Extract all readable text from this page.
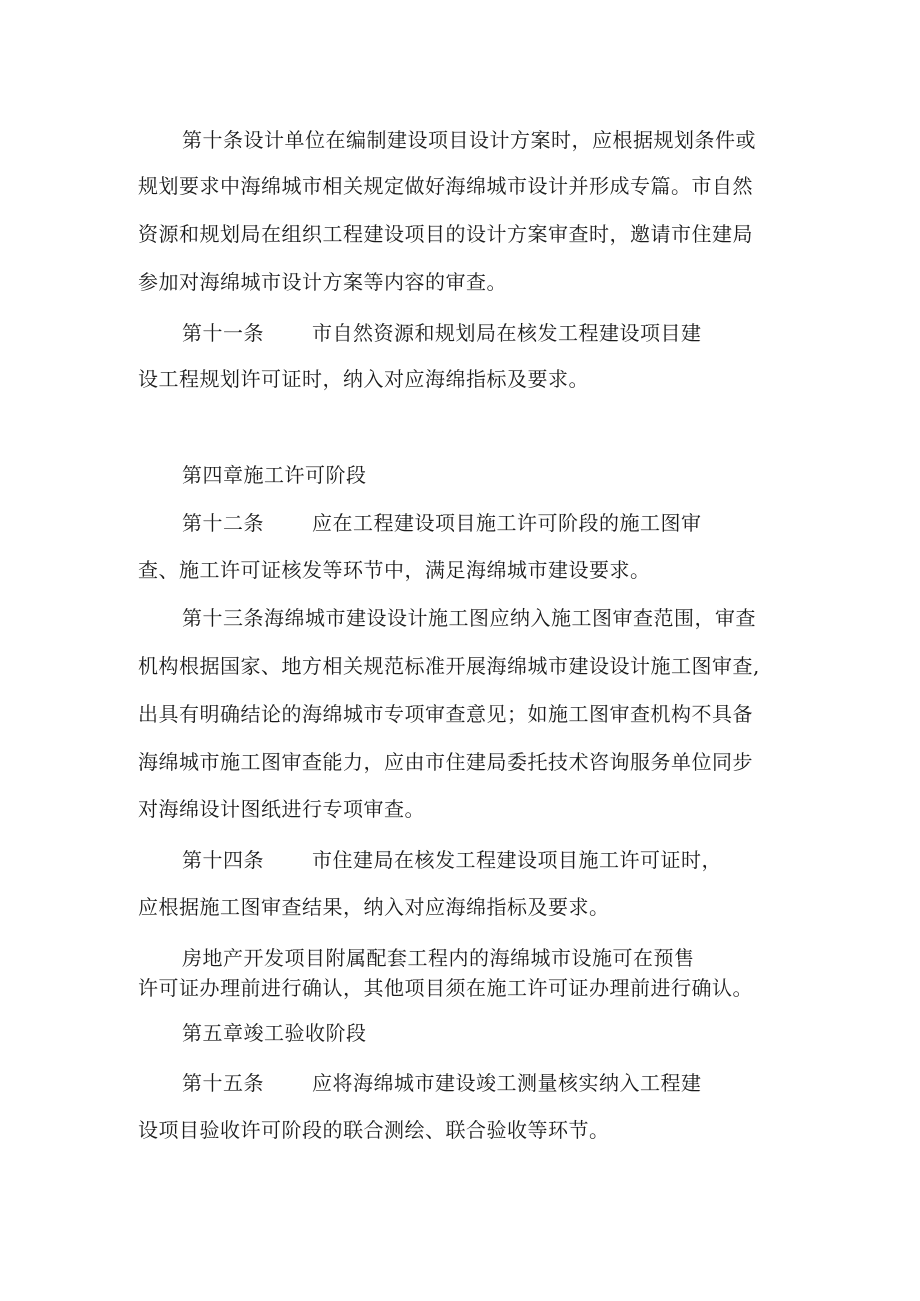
第十条设计单位在编制建设项目设计方案时，应根据规划条件或
规划要求中海绵城市相关规定做好海绵城市设计并形成专篇。市自然
资源和规划局在组织工程建设项目的设计方案审查时，邀请市住建局
参加对海绵城市设计方案等内容的审查。
第十一条 市自然资源和规划局在核发工程建设项目建
设工程规划许可证时，纳入对应海绵指标及要求。
第四章施工许可阶段
第十二条 应在工程建设项目施工许可阶段的施工图审
查、施工许可证核发等环节中，满足海绵城市建设要求。
第十三条海绵城市建设设计施工图应纳入施工图审查范围，审查
机构根据国家、地方相关规范标准开展海绵城市建设设计施工图审查,
出具有明确结论的海绵城市专项审查意见；如施工图审查机构不具备
海绵城市施工图审查能力，应由市住建局委托技术咨询服务单位同步
对海绵设计图纸进行专项审查。
第十四条 市住建局在核发工程建设项目施工许可证时，
应根据施工图审查结果，纳入对应海绵指标及要求。
房地产开发项目附属配套工程内的海绵城市设施可在预售
许可证办理前进行确认，其他项目须在施工许可证办理前进行确认。
第五章竣工验收阶段
第十五条 应将海绵城市建设竣工测量核实纳入工程建
设项目验收许可阶段的联合测绘、联合验收等环节。
